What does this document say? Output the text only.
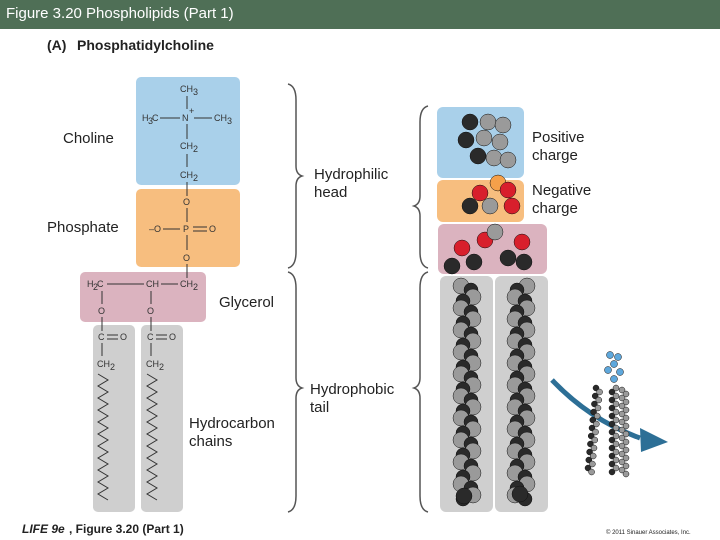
Figure 3.20 Phospholipids (Part 1)
(A) Phosphatidylcholine
Choline
Phosphate
Glycerol
Hydrocarbon
chains
CH 3
H 3
C	N
+
CH 3
CH 2
CH 2
O
–O P O
O
H 2
C	CH CH 2
O	O
C O
CH 2
C O
CH 2
Hydrophilic
head
Hydrophobic
tail
Positive
charge
Negative
charge
LIFE 9e , Figure 3.20 (Part 1)	© 2011 Sinauer Associates, Inc.
